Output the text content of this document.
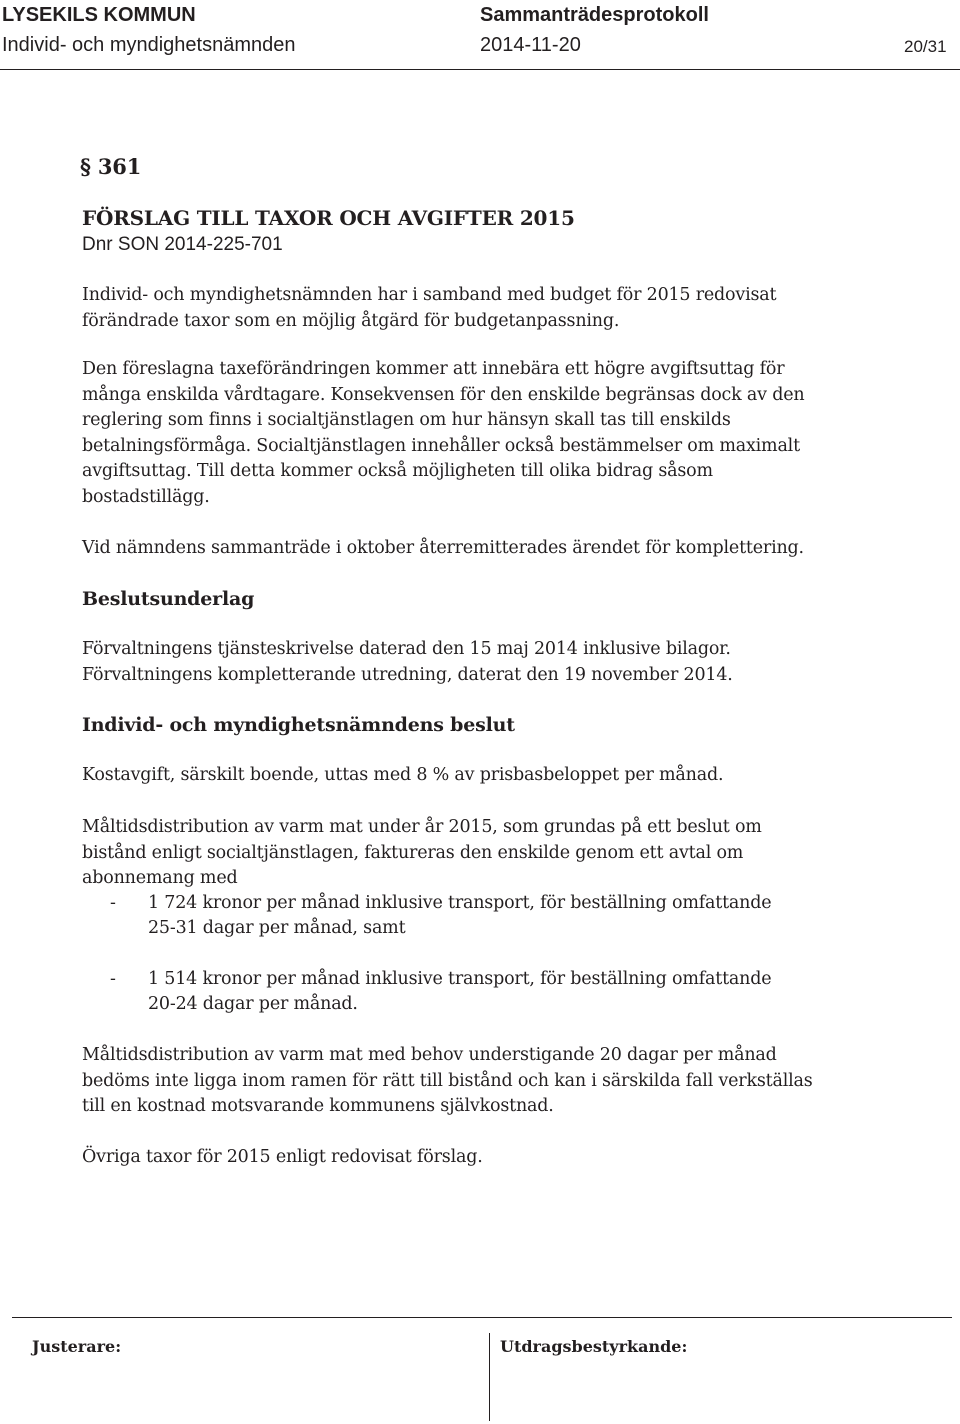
LYSEKILS KOMMUN	Sammanträdesprotokoll
Individ- och myndighetsnämnden	2014-11-20	20/31
§ 361
FÖRSLAG TILL TAXOR OCH AVGIFTER 2015
Dnr SON 2014-225-701
Individ- och myndighetsnämnden har i samband med budget för 2015 redovisat
förändrade taxor som en möjlig åtgärd för budgetanpassning.
Den föreslagna taxeförändringen kommer att innebära ett högre avgiftsuttag för
många enskilda vårdtagare. Konsekvensen för den enskilde begränsas dock av den
reglering som finns i socialtjänstlagen om hur hänsyn skall tas till enskilds
betalningsförmåga. Socialtjänstlagen innehåller också bestämmelser om maximalt
avgiftsuttag. Till detta kommer också möjligheten till olika bidrag såsom
bostadstillägg.
Vid nämndens sammanträde i oktober återremitterades ärendet för komplettering.
Beslutsunderlag
Förvaltningens tjänsteskrivelse daterad den 15 maj 2014 inklusive bilagor.
Förvaltningens kompletterande utredning, daterat den 19 november 2014.
Individ- och myndighetsnämndens beslut
Kostavgift, särskilt boende, uttas med 8 % av prisbasbeloppet per månad.
Måltidsdistribution av varm mat under år 2015, som grundas på ett beslut om
bistånd enligt socialtjänstlagen, faktureras den enskilde genom ett avtal om
abonnemang med
- 1 724 kronor per månad inklusive transport, för beställning omfattande
25-31 dagar per månad, samt
- 1 514 kronor per månad inklusive transport, för beställning omfattande
20-24 dagar per månad.
Måltidsdistribution av varm mat med behov understigande 20 dagar per månad
bedöms inte ligga inom ramen för rätt till bistånd och kan i särskilda fall verkställas
till en kostnad motsvarande kommunens självkostnad.
Övriga taxor för 2015 enligt redovisat förslag.
Justerare:	Utdragsbestyrkande:
